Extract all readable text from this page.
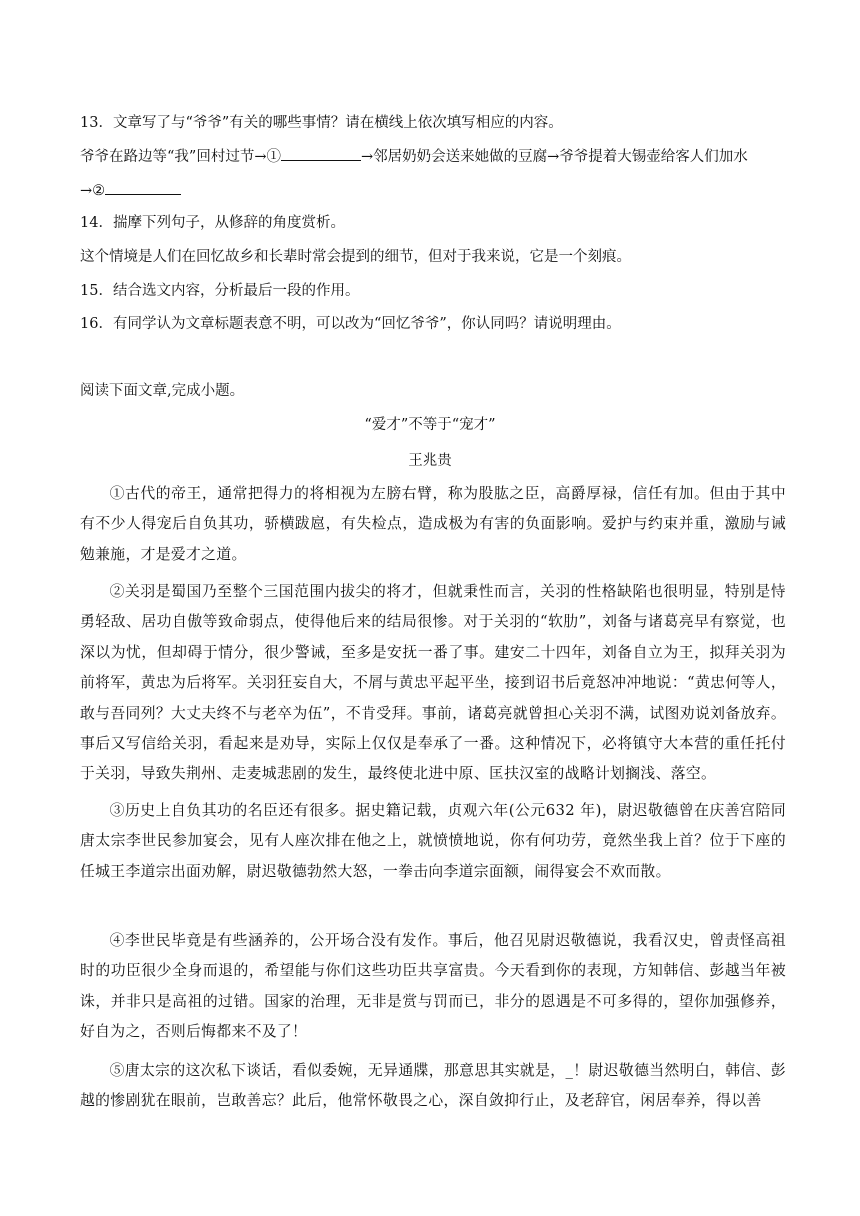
13．文章写了与“爷爷”有关的哪些事情？请在横线上依次填写相应的内容。
爷爷在路边等“我”回村过节→①	→邻居奶奶会送来她做的豆腐→爷爷提着大锡壶给客人们加水
→②
14．揣摩下列句子，从修辞的角度赏析。
这个情境是人们在回忆故乡和长辈时常会提到的细节，但对于我来说，它是一个刻痕。
15．结合选文内容，分析最后一段的作用。
16．有同学认为文章标题表意不明，可以改为“回忆爷爷”，你认同吗？请说明理由。
阅读下面文章,完成小题。
“爱才”不等于“宠才”
王兆贵
①古代的帝王，通常把得力的将相视为左膀右臂，称为股肱之臣，高爵厚禄，信任有加。但由于其中有不少人得宠后自负其功，骄横跋扈，有失检点，造成极为有害的负面影响。爱护与约束并重，激励与诫勉兼施，才是爱才之道。
②关羽是蜀国乃至整个三国范围内拔尖的将才，但就秉性而言，关羽的性格缺陷也很明显，特别是恃勇轻敌、居功自傲等致命弱点，使得他后来的结局很惨。对于关羽的“软肋”，刘备与诸葛亮早有察觉，也深以为忧，但却碍于情分，很少警诫，至多是安抚一番了事。建安二十四年，刘备自立为王，拟拜关羽为前将军，黄忠为后将军。关羽狂妄自大，不屑与黄忠平起平坐，接到诏书后竟怒冲冲地说：“黄忠何等人，敢与吾同列？大丈夫终不与老卒为伍”，不肯受拜。事前，诸葛亮就曾担心关羽不满，试图劝说刘备放弃。事后又写信给关羽，看起来是劝导，实际上仅仅是奉承了一番。这种情况下，必将镇守大本营的重任托付于关羽，导致失荆州、走麦城悲剧的发生，最终使北进中原、匡扶汉室的战略计划搁浅、落空。
③历史上自负其功的名臣还有很多。据史籍记载，贞观六年(公元632 年)，尉迟敬德曾在庆善宫陪同唐太宗李世民参加宴会，见有人座次排在他之上，就愤愤地说，你有何功劳，竟然坐我上首？位于下座的任城王李道宗出面劝解，尉迟敬德勃然大怒，一拳击向李道宗面额，闹得宴会不欢而散。
④李世民毕竟是有些涵养的，公开场合没有发作。事后，他召见尉迟敬德说，我看汉史，曾责怪高祖时的功臣很少全身而退的，希望能与你们这些功臣共享富贵。今天看到你的表现，方知韩信、彭越当年被诛，并非只是高祖的过错。国家的治理，无非是赏与罚而已，非分的恩遇是不可多得的，望你加强修养，好自为之，否则后悔都来不及了！
⑤唐太宗的这次私下谈话，看似委婉，无异通牒，那意思其实就是，_！尉迟敬德当然明白，韩信、彭越的惨剧犹在眼前，岂敢善忘？此后，他常怀敬畏之心，深自敛抑行止，及老辞官，闲居奉养，得以善
